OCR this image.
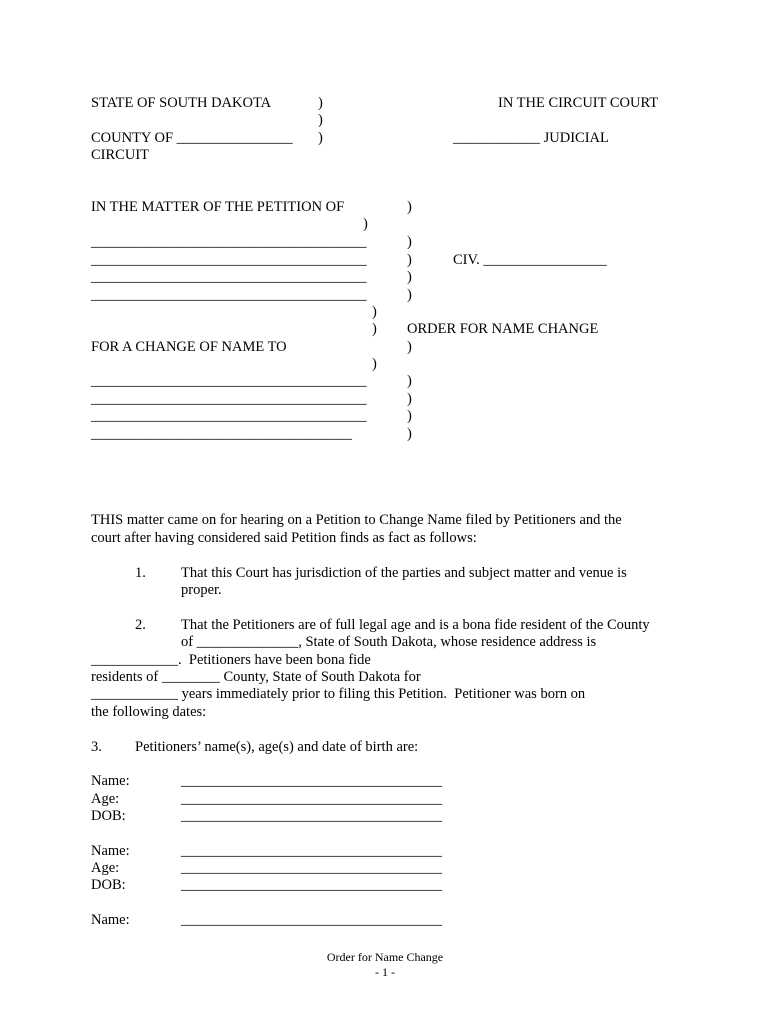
STATE OF SOUTH DAKOTA	)	IN THE CIRCUIT COURT
)
COUNTY OF ________________ )	____________ JUDICIAL
CIRCUIT
IN THE MATTER OF THE PETITION OF	)
)
______________________________________	)
______________________________________	)	CIV. _________________
______________________________________	)
______________________________________	)
)
) ORDER FOR NAME CHANGE
FOR A CHANGE OF NAME TO	)
)
______________________________________	)
______________________________________	)
______________________________________	)
____________________________________	)
THIS matter came on for hearing on a Petition to Change Name filed by Petitioners and the
court after having considered said Petition finds as fact as follows:
1. That this Court has jurisdiction of the parties and subject matter and venue is
proper.
2. That the Petitioners are of full legal age and is a bona fide resident of the County
of ______________, State of South Dakota, whose residence address is
____________.  Petitioners have been bona fide
residents of ________ County, State of South Dakota for
____________ years immediately prior to filing this Petition.  Petitioner was born on
the following dates:
3. Petitioners’ name(s), age(s) and date of birth are:
Name:	____________________________________
Age:	____________________________________
DOB:	____________________________________
Name:	____________________________________
Age:	____________________________________
DOB:	____________________________________
Name:	____________________________________
Order for Name Change
- 1 -
